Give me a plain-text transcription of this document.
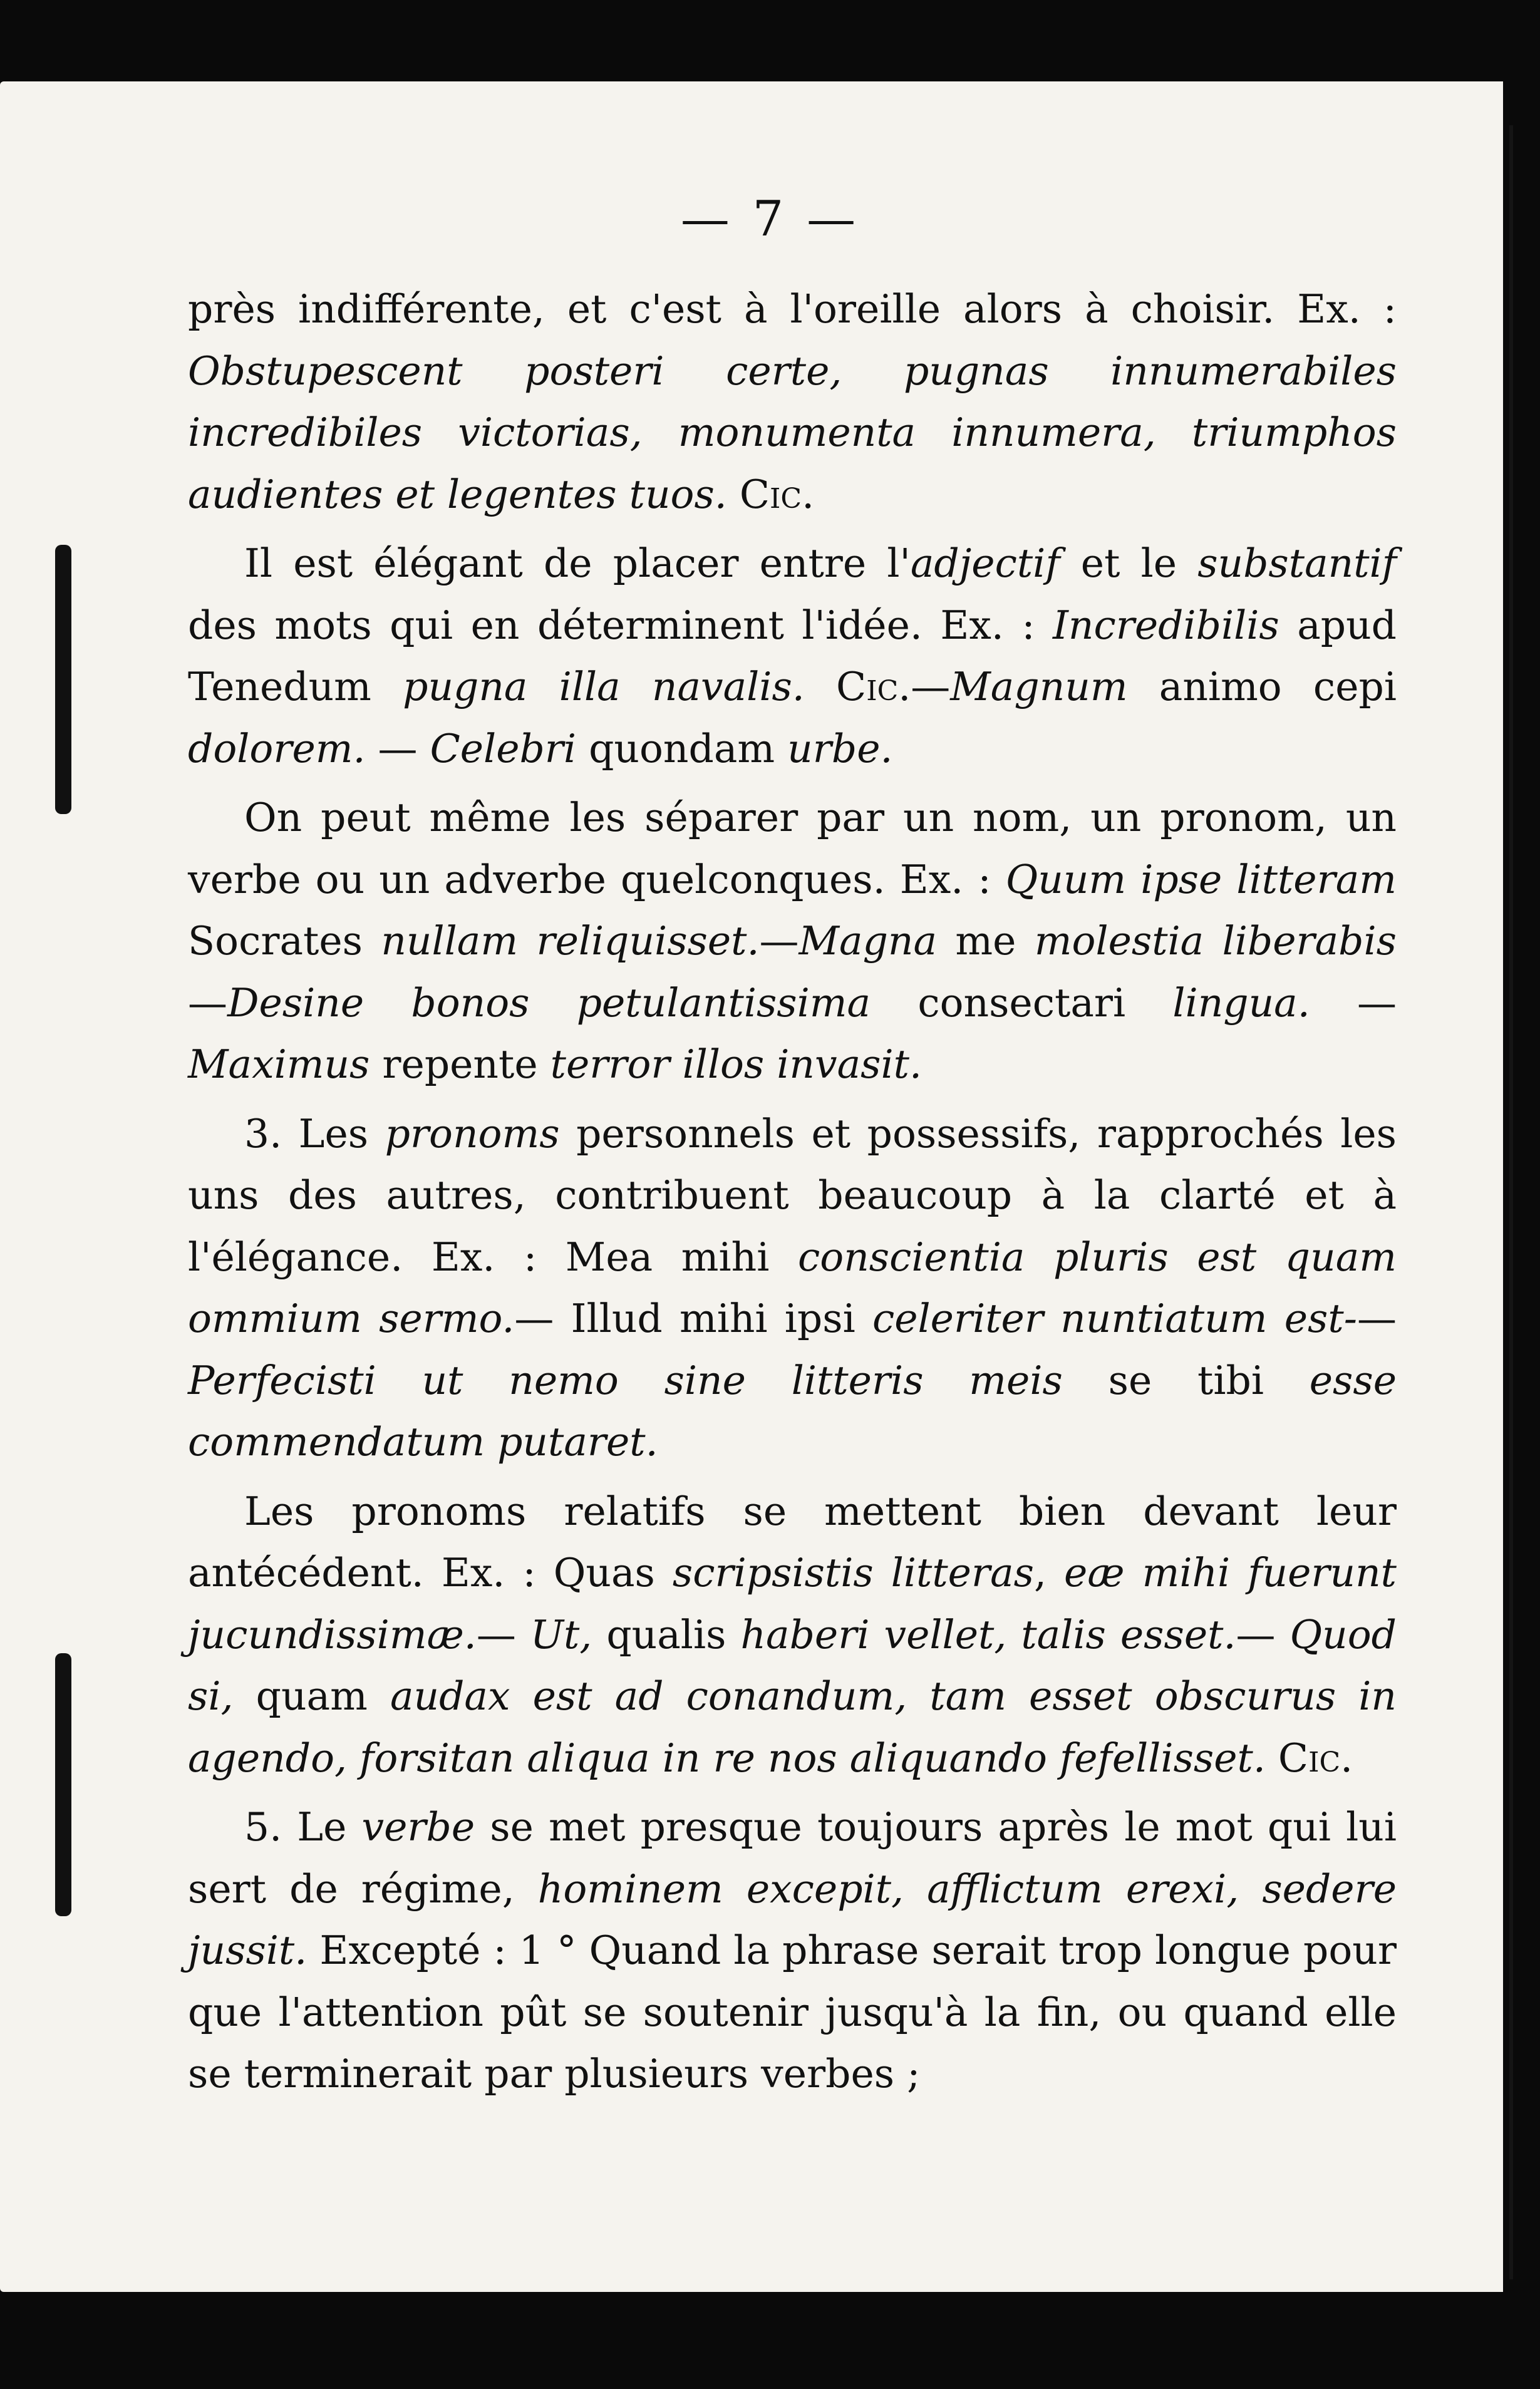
— 7 —

près indifférente, et c'est à l'oreille alors à choisir. Ex. : Obstupescent posteri certe, pugnas innumerabiles incredibiles victorias, monumenta innumera, triumphos audientes et legentes tuos. Cic.

Il est élégant de placer entre l'adjectif et le substantif des mots qui en déterminent l'idée. Ex. : Incredibilis apud Tenedum pugna illa navalis. Cic.—Magnum animo cepi dolorem. — Celebri quondam urbe.

On peut même les séparer par un nom, un pronom, un verbe ou un adverbe quelconques. Ex. : Quum ipse litteram Socrates nullam reliquisset.—Magna me molestia liberabis—Desine bonos petulantissima consectari lingua. —Maximus repente terror illos invasit.

3. Les pronoms personnels et possessifs, rapprochés les uns des autres, contribuent beaucoup à la clarté et à l'élégance. Ex. : Mea mihi conscientia pluris est quam ommium sermo.— Illud mihi ipsi celeriter nuntiatum est-—Perfecisti ut nemo sine litteris meis se tibi esse commendatum putaret.

Les pronoms relatifs se mettent bien devant leur antécédent. Ex. : Quas scripsistis litteras, eæ mihi fuerunt jucundissimæ.— Ut, qualis haberi vellet, talis esset.— Quod si, quam audax est ad conandum, tam esset obscurus in agendo, forsitan aliqua in re nos aliquando fefellisset. Cic.

5. Le verbe se met presque toujours après le mot qui lui sert de régime, hominem excepit, afflictum erexi, sedere jussit. Excepté : 1 ° Quand la phrase serait trop longue pour que l'attention pût se soutenir jusqu'à la fin, ou quand elle se terminerait par plusieurs verbes ;
